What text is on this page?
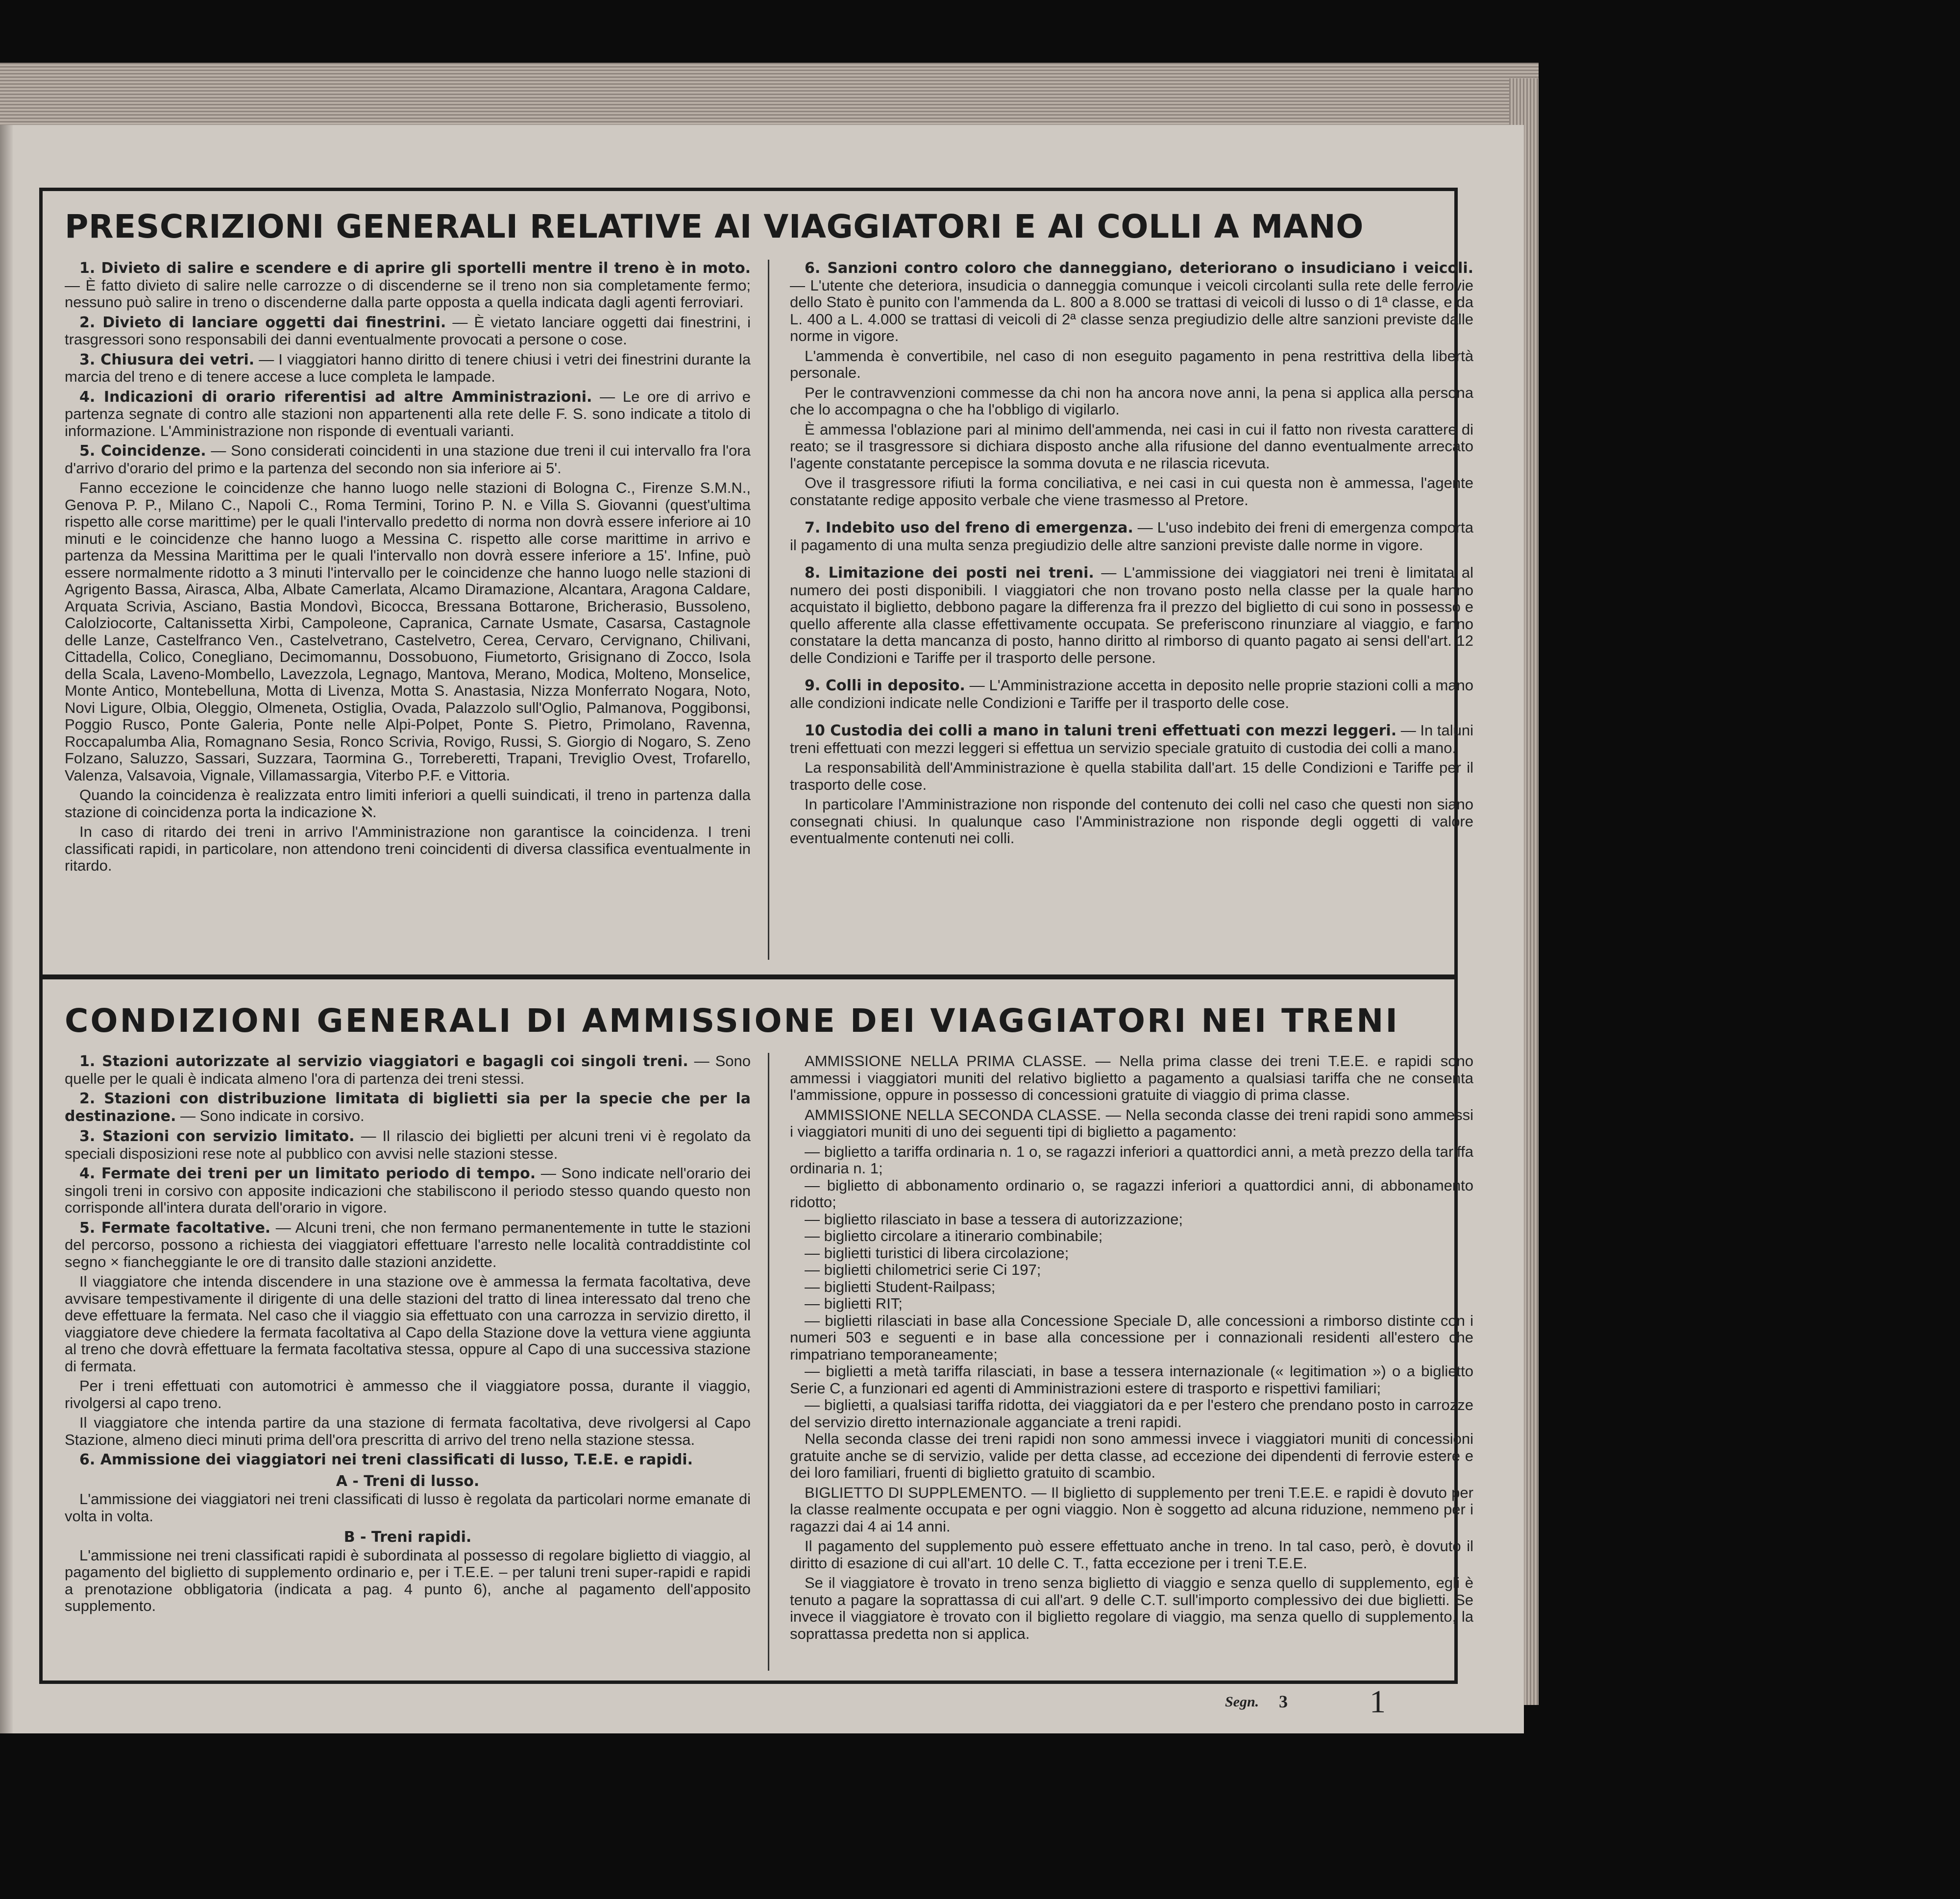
PRESCRIZIONI GENERALI RELATIVE AI VIAGGIATORI E AI COLLI A MANO

1. Divieto di salire e scendere e di aprire gli sportelli mentre il treno è in moto. — È fatto divieto di salire nelle carrozze o di discenderne se il treno non sia completamente fermo; nessuno può salire in treno o discenderne dalla parte opposta a quella indicata dagli agenti ferroviari.

2. Divieto di lanciare oggetti dai finestrini. — È vietato lanciare oggetti dai finestrini, i trasgressori sono responsabili dei danni eventualmente provocati a persone o cose.

3. Chiusura dei vetri. — I viaggiatori hanno diritto di tenere chiusi i vetri dei finestrini durante la marcia del treno e di tenere accese a luce completa le lampade.

4. Indicazioni di orario riferentisi ad altre Amministrazioni. — Le ore di arrivo e partenza segnate di contro alle stazioni non appartenenti alla rete delle F. S. sono indicate a titolo di informazione. L'Amministrazione non risponde di eventuali varianti.

5. Coincidenze. — Sono considerati coincidenti in una stazione due treni il cui intervallo fra l'ora d'arrivo d'orario del primo e la partenza del secondo non sia inferiore ai 5'.

Fanno eccezione le coincidenze che hanno luogo nelle stazioni di Bologna C., Firenze S.M.N., Genova P. P., Milano C., Napoli C., Roma Termini, Torino P. N. e Villa S. Giovanni (quest'ultima rispetto alle corse marittime) per le quali l'intervallo predetto di norma non dovrà essere inferiore ai 10 minuti e le coincidenze che hanno luogo a Messina C. rispetto alle corse marittime in arrivo e partenza da Messina Marittima per le quali l'intervallo non dovrà essere inferiore a 15'. Infine, può essere normalmente ridotto a 3 minuti l'intervallo per le coincidenze che hanno luogo nelle stazioni di Agrigento Bassa, Airasca, Alba, Albate Camerlata, Alcamo Diramazione, Alcantara, Aragona Caldare, Arquata Scrivia, Asciano, Bastia Mondovì, Bicocca, Bressana Bottarone, Bricherasio, Bussoleno, Calolziocorte, Caltanissetta Xirbi, Campoleone, Capranica, Carnate Usmate, Casarsa, Castagnole delle Lanze, Castelfranco Ven., Castelvetrano, Castelvetro, Cerea, Cervaro, Cervignano, Chilivani, Cittadella, Colico, Conegliano, Decimomannu, Dossobuono, Fiumetorto, Grisignano di Zocco, Isola della Scala, Laveno-Mombello, Lavezzola, Legnago, Mantova, Merano, Modica, Molteno, Monselice, Monte Antico, Montebelluna, Motta di Livenza, Motta S. Anastasia, Nizza Monferrato Nogara, Noto, Novi Ligure, Olbia, Oleggio, Olmeneta, Ostiglia, Ovada, Palazzolo sull'Oglio, Palmanova, Poggibonsi, Poggio Rusco, Ponte Galeria, Ponte nelle Alpi-Polpet, Ponte S. Pietro, Primolano, Ravenna, Roccapalumba Alia, Romagnano Sesia, Ronco Scrivia, Rovigo, Russi, S. Giorgio di Nogaro, S. Zeno Folzano, Saluzzo, Sassari, Suzzara, Taormina G., Torreberetti, Trapani, Treviglio Ovest, Trofarello, Valenza, Valsavoia, Vignale, Villamassargia, Viterbo P.F. e Vittoria.

Quando la coincidenza è realizzata entro limiti inferiori a quelli suindicati, il treno in partenza dalla stazione di coincidenza porta la indicazione ℵ.

In caso di ritardo dei treni in arrivo l'Amministrazione non garantisce la coincidenza. I treni classificati rapidi, in particolare, non attendono treni coincidenti di diversa classifica eventualmente in ritardo.

6. Sanzioni contro coloro che danneggiano, deteriorano o insudiciano i veicoli. — L'utente che deteriora, insudicia o danneggia comunque i veicoli circolanti sulla rete delle ferrovie dello Stato è punito con l'ammenda da L. 800 a 8.000 se trattasi di veicoli di lusso o di 1ª classe, e da L. 400 a L. 4.000 se trattasi di veicoli di 2ª classe senza pregiudizio delle altre sanzioni previste dalle norme in vigore.

L'ammenda è convertibile, nel caso di non eseguito pagamento in pena restrittiva della libertà personale.

Per le contravvenzioni commesse da chi non ha ancora nove anni, la pena si applica alla persona che lo accompagna o che ha l'obbligo di vigilarlo.

È ammessa l'oblazione pari al minimo dell'ammenda, nei casi in cui il fatto non rivesta carattere di reato; se il trasgressore si dichiara disposto anche alla rifusione del danno eventualmente arrecato l'agente constatante percepisce la somma dovuta e ne rilascia ricevuta.

Ove il trasgressore rifiuti la forma conciliativa, e nei casi in cui questa non è ammessa, l'agente constatante redige apposito verbale che viene trasmesso al Pretore.

7. Indebito uso del freno di emergenza. — L'uso indebito dei freni di emergenza comporta il pagamento di una multa senza pregiudizio delle altre sanzioni previste dalle norme in vigore.

8. Limitazione dei posti nei treni. — L'ammissione dei viaggiatori nei treni è limitata al numero dei posti disponibili. I viaggiatori che non trovano posto nella classe per la quale hanno acquistato il biglietto, debbono pagare la differenza fra il prezzo del biglietto di cui sono in possesso e quello afferente alla classe effettivamente occupata. Se preferiscono rinunziare al viaggio, e fanno constatare la detta mancanza di posto, hanno diritto al rimborso di quanto pagato ai sensi dell'art. 12 delle Condizioni e Tariffe per il trasporto delle persone.

9. Colli in deposito. — L'Amministrazione accetta in deposito nelle proprie stazioni colli a mano alle condizioni indicate nelle Condizioni e Tariffe per il trasporto delle cose.

10 Custodia dei colli a mano in taluni treni effettuati con mezzi leggeri. — In taluni treni effettuati con mezzi leggeri si effettua un servizio speciale gratuito di custodia dei colli a mano.

La responsabilità dell'Amministrazione è quella stabilita dall'art. 15 delle Condizioni e Tariffe per il trasporto delle cose.

In particolare l'Amministrazione non risponde del contenuto dei colli nel caso che questi non siano consegnati chiusi. In qualunque caso l'Amministrazione non risponde degli oggetti di valore eventualmente contenuti nei colli.

CONDIZIONI GENERALI DI AMMISSIONE DEI VIAGGIATORI NEI TRENI

1. Stazioni autorizzate al servizio viaggiatori e bagagli coi singoli treni. — Sono quelle per le quali è indicata almeno l'ora di partenza dei treni stessi.

2. Stazioni con distribuzione limitata di biglietti sia per la specie che per la destinazione. — Sono indicate in corsivo.

3. Stazioni con servizio limitato. — Il rilascio dei biglietti per alcuni treni vi è regolato da speciali disposizioni rese note al pubblico con avvisi nelle stazioni stesse.

4. Fermate dei treni per un limitato periodo di tempo. — Sono indicate nell'orario dei singoli treni in corsivo con apposite indicazioni che stabiliscono il periodo stesso quando questo non corrisponde all'intera durata dell'orario in vigore.

5. Fermate facoltative. — Alcuni treni, che non fermano permanentemente in tutte le stazioni del percorso, possono a richiesta dei viaggiatori effettuare l'arresto nelle località contraddistinte col segno × fiancheggiante le ore di transito dalle stazioni anzidette.

Il viaggiatore che intenda discendere in una stazione ove è ammessa la fermata facoltativa, deve avvisare tempestivamente il dirigente di una delle stazioni del tratto di linea interessato dal treno che deve effettuare la fermata. Nel caso che il viaggio sia effettuato con una carrozza in servizio diretto, il viaggiatore deve chiedere la fermata facoltativa al Capo della Stazione dove la vettura viene aggiunta al treno che dovrà effettuare la fermata facoltativa stessa, oppure al Capo di una successiva stazione di fermata.

Per i treni effettuati con automotrici è ammesso che il viaggiatore possa, durante il viaggio, rivolgersi al capo treno.

Il viaggiatore che intenda partire da una stazione di fermata facoltativa, deve rivolgersi al Capo Stazione, almeno dieci minuti prima dell'ora prescritta di arrivo del treno nella stazione stessa.

6. Ammissione dei viaggiatori nei treni classificati di lusso, T.E.E. e rapidi.

A - Treni di lusso.

L'ammissione dei viaggiatori nei treni classificati di lusso è regolata da particolari norme emanate di volta in volta.

B - Treni rapidi.

L'ammissione nei treni classificati rapidi è subordinata al possesso di regolare biglietto di viaggio, al pagamento del biglietto di supplemento ordinario e, per i T.E.E. – per taluni treni super-rapidi e rapidi a prenotazione obbligatoria (indicata a pag. 4 punto 6), anche al pagamento dell'apposito supplemento.

AMMISSIONE NELLA PRIMA CLASSE. — Nella prima classe dei treni T.E.E. e rapidi sono ammessi i viaggiatori muniti del relativo biglietto a pagamento a qualsiasi tariffa che ne consenta l'ammissione, oppure in possesso di concessioni gratuite di viaggio di prima classe.

AMMISSIONE NELLA SECONDA CLASSE. — Nella seconda classe dei treni rapidi sono ammessi i viaggiatori muniti di uno dei seguenti tipi di biglietto a pagamento:

— biglietto a tariffa ordinaria n. 1 o, se ragazzi inferiori a quattordici anni, a metà prezzo della tariffa ordinaria n. 1;

— biglietto di abbonamento ordinario o, se ragazzi inferiori a quattordici anni, di abbonamento ridotto;

— biglietto rilasciato in base a tessera di autorizzazione;

— biglietto circolare a itinerario combinabile;

— biglietti turistici di libera circolazione;

— biglietti chilometrici serie Ci 197;

— biglietti Student-Railpass;

— biglietti RIT;

— biglietti rilasciati in base alla Concessione Speciale D, alle concessioni a rimborso distinte con i numeri 503 e seguenti e in base alla concessione per i connazionali residenti all'estero che rimpatriano temporaneamente;

— biglietti a metà tariffa rilasciati, in base a tessera internazionale (« legitimation ») o a biglietto Serie C, a funzionari ed agenti di Amministrazioni estere di trasporto e rispettivi familiari;

— biglietti, a qualsiasi tariffa ridotta, dei viaggiatori da e per l'estero che prendano posto in carrozze del servizio diretto internazionale agganciate a treni rapidi.

Nella seconda classe dei treni rapidi non sono ammessi invece i viaggiatori muniti di concessioni gratuite anche se di servizio, valide per detta classe, ad eccezione dei dipendenti di ferrovie estere e dei loro familiari, fruenti di biglietto gratuito di scambio.

BIGLIETTO DI SUPPLEMENTO. — Il biglietto di supplemento per treni T.E.E. e rapidi è dovuto per la classe realmente occupata e per ogni viaggio. Non è soggetto ad alcuna riduzione, nemmeno per i ragazzi dai 4 ai 14 anni.

Il pagamento del supplemento può essere effettuato anche in treno. In tal caso, però, è dovuto il diritto di esazione di cui all'art. 10 delle C. T., fatta eccezione per i treni T.E.E.

Se il viaggiatore è trovato in treno senza biglietto di viaggio e senza quello di supplemento, egli è tenuto a pagare la soprattassa di cui all'art. 9 delle C.T. sull'importo complessivo dei due biglietti. Se invece il viaggiatore è trovato con il biglietto regolare di viaggio, ma senza quello di supplemento, la soprattassa predetta non si applica.

Segn. 3	1
